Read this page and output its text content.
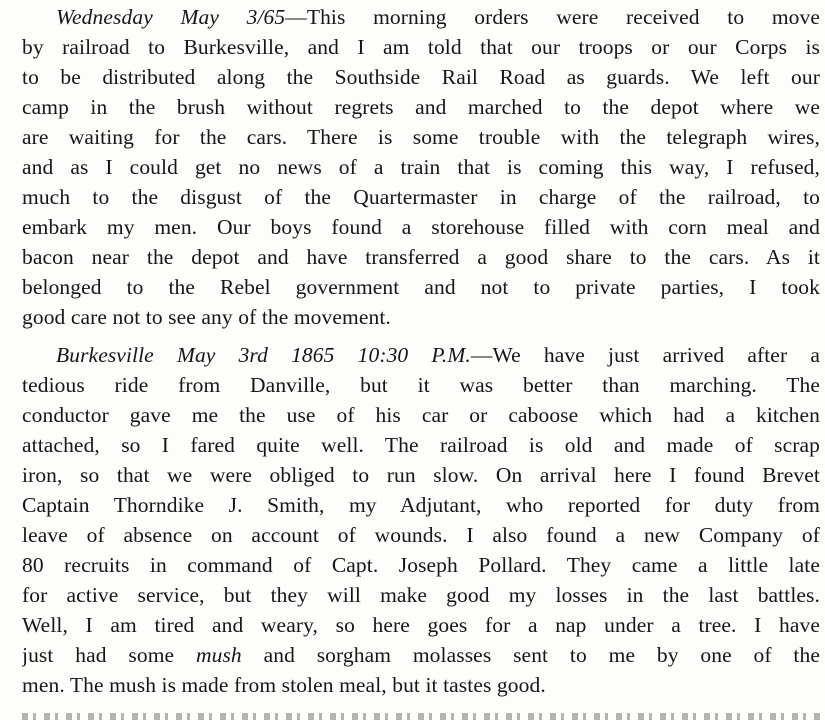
Wednesday May 3/65—This morning orders were received to move
by railroad to Burkesville, and I am told that our troops or our Corps is
to be distributed along the Southside Rail Road as guards. We left our
camp in the brush without regrets and marched to the depot where we
are waiting for the cars. There is some trouble with the telegraph wires,
and as I could get no news of a train that is coming this way, I refused,
much to the disgust of the Quartermaster in charge of the railroad, to
embark my men. Our boys found a storehouse filled with corn meal and
bacon near the depot and have transferred a good share to the cars. As it
belonged to the Rebel government and not to private parties, I took
good care not to see any of the movement.

Burkesville May 3rd 1865 10:30 P.M.—We have just arrived after a
tedious ride from Danville, but it was better than marching. The
conductor gave me the use of his car or caboose which had a kitchen
attached, so I fared quite well. The railroad is old and made of scrap
iron, so that we were obliged to run slow. On arrival here I found Brevet
Captain Thorndike J. Smith, my Adjutant, who reported for duty from
leave of absence on account of wounds. I also found a new Company of
80 recruits in command of Capt. Joseph Pollard. They came a little late
for active service, but they will make good my losses in the last battles.
Well, I am tired and weary, so here goes for a nap under a tree. I have
just had some mush and sorgham molasses sent to me by one of the
men. The mush is made from stolen meal, but it tastes good.
